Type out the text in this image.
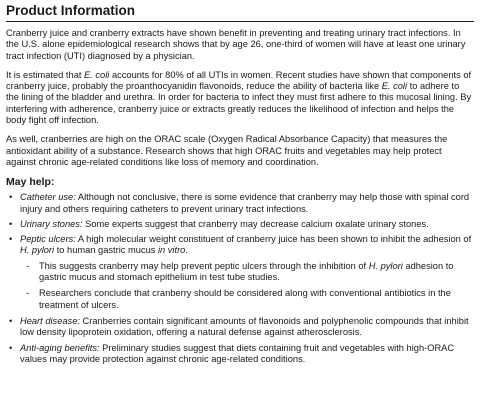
Product Information

Cranberry juice and cranberry extracts have shown benefit in preventing and treating urinary tract infections. In the U.S. alone epidemiological research shows that by age 26, one-third of women will have at least one urinary tract infection (UTI) diagnosed by a physician.

It is estimated that E. coli accounts for 80% of all UTIs in women. Recent studies have shown that components of cranberry juice, probably the proanthocyanidin flavonoids, reduce the ability of bacteria like E. coli to adhere to the lining of the bladder and urethra. In order for bacteria to infect they must first adhere to this mucosal lining. By interfering with adherence, cranberry juice or extracts greatly reduces the likelihood of infection and helps the body fight off infection.

As well, cranberries are high on the ORAC scale (Oxygen Radical Absorbance Capacity) that measures the antioxidant ability of a substance. Research shows that high ORAC fruits and vegetables may help protect against chronic age-related conditions like loss of memory and coordination.

May help:
• Catheter use: Although not conclusive, there is some evidence that cranberry may help those with spinal cord injury and others requiring catheters to prevent urinary tract infections.
• Urinary stones: Some experts suggest that cranberry may decrease calcium oxalate urinary stones.
• Peptic ulcers: A high molecular weight constituent of cranberry juice has been shown to inhibit the adhesion of H. pylori to human gastric mucus in vitro.
- This suggests cranberry may help prevent peptic ulcers through the inhibition of H. pylori adhesion to gastric mucus and stomach epithelium in test tube studies.
- Researchers conclude that cranberry should be considered along with conventional antibiotics in the treatment of ulcers.
• Heart disease: Cranberries contain significant amounts of flavonoids and polyphenolic compounds that inhibit low density lipoprotein oxidation, offering a natural defense against atherosclerosis.
• Anti-aging benefits: Preliminary studies suggest that diets containing fruit and vegetables with high-ORAC values may provide protection against chronic age-related conditions.
